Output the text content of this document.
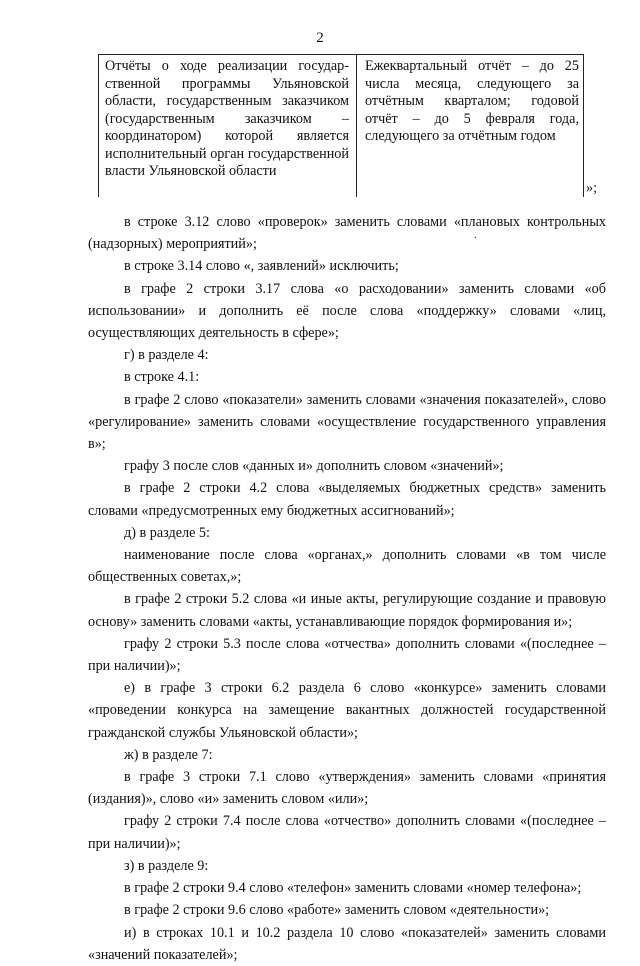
2
Отчёты о ходе реализации государственной программы Ульяновской области, государственным заказчиком (государственным заказчиком – координатором) которой является исполнительный орган государственной власти Ульяновской области
Ежеквартальный отчёт – до 25 числа месяца, следующего за отчётным кварталом; годовой отчёт – до 5 февраля года, следующего за отчётным годом
.
»;

в строке 3.12 слово «проверок» заменить словами «плановых контрольных (надзорных) мероприятий»;

в строке 3.14 слово «, заявлений» исключить;

в графе 2 строки 3.17 слова «о расходовании» заменить словами «об использовании» и дополнить её после слова «поддержку» словами «лиц, осуществляющих деятельность в сфере»;

г) в разделе 4:

в строке 4.1:

в графе 2 слово «показатели» заменить словами «значения показателей», слово «регулирование» заменить словами «осуществление государственного управления в»;

графу 3 после слов «данных и» дополнить словом «значений»;

в графе 2 строки 4.2 слова «выделяемых бюджетных средств» заменить словами «предусмотренных ему бюджетных ассигнований»;

д) в разделе 5:

наименование после слова «органах,» дополнить словами «в том числе общественных советах,»;

в графе 2 строки 5.2 слова «и иные акты, регулирующие создание и правовую основу» заменить словами «акты, устанавливающие порядок формирования и»;

графу 2 строки 5.3 после слова «отчества» дополнить словами «(последнее – при наличии)»;

е) в графе 3 строки 6.2 раздела 6 слово «конкурсе» заменить словами «проведении конкурса на замещение вакантных должностей государственной гражданской службы Ульяновской области»;

ж) в разделе 7:

в графе 3 строки 7.1 слово «утверждения» заменить словами «принятия (издания)», слово «и» заменить словом «или»;

графу 2 строки 7.4 после слова «отчество» дополнить словами «(последнее – при наличии)»;

з) в разделе 9:

в графе 2 строки 9.4 слово «телефон» заменить словами «номер телефона»;

в графе 2 строки 9.6 слово «работе» заменить словом «деятельности»;

и) в строках 10.1 и 10.2 раздела 10 слово «показателей» заменить словами «значений показателей»;
